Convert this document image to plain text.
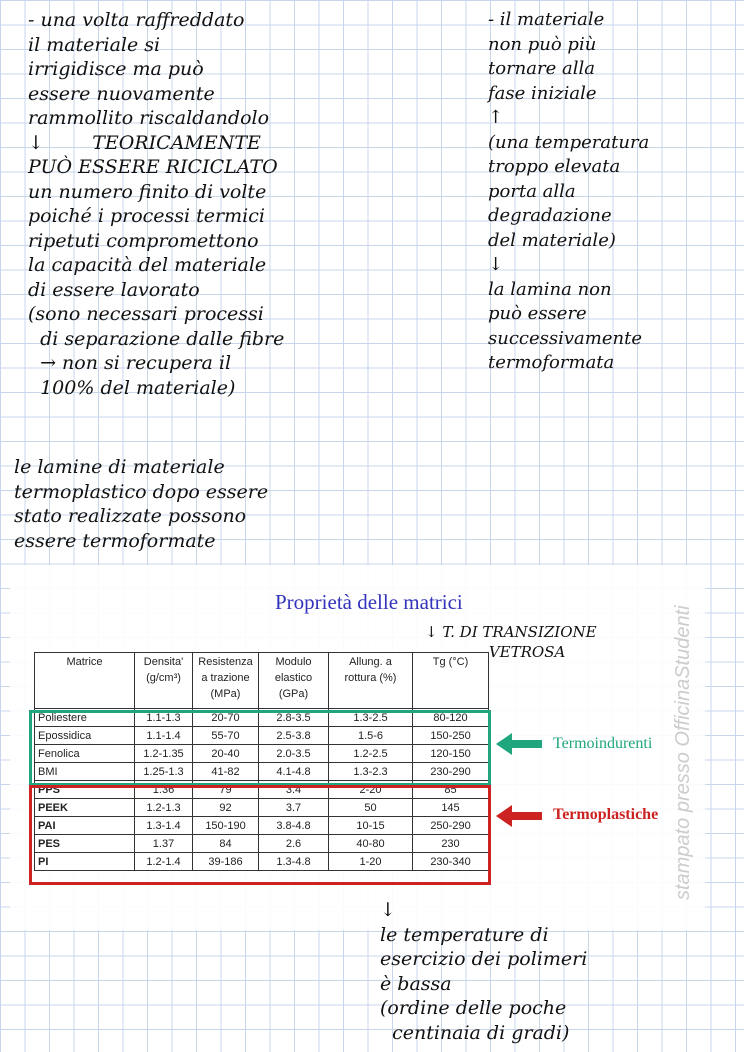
- una volta raffreddato
il materiale si
irrigidisce ma può
essere nuovamente
rammollito riscaldandolo
↓        TEORICAMENTE
PUÒ ESSERE RICICLATO
un numero finito di volte
poiché i processi termici
ripetuti compromettono
la capacità del materiale
di essere lavorato
(sono necessari processi
di separazione dalle fibre
→ non si recupera il
100% del materiale)
- il materiale
non può più
tornare alla
fase iniziale
↑
(una temperatura
troppo elevata
porta alla
degradazione
del materiale)
↓
la lamina non
può essere
successivamente
termoformata
le lamine di materiale
termoplastico dopo essere
stato realizzate possono
essere termoformate
stampato presso OfficinaStudenti
Proprietà delle matrici
Matrice	Densita' (g/cm³)	Resistenza a trazione (MPa)	Modulo elastico (GPa)	Allung. a rottura (%)	Tg (°C)
Poliestere	1.1-1.3	20-70	2.8-3.5	1.3-2.5	80-120
Epossidica	1.1-1.4	55-70	2.5-3.8	1.5-6	150-250
Fenolica	1.2-1.35	20-40	2.0-3.5	1.2-2.5	120-150
BMI	1.25-1.3	41-82	4.1-4.8	1.3-2.3	230-290
PPS	1.36	79	3.4	2-20	85
PEEK	1.2-1.3	92	3.7	50	145
PAI	1.3-1.4	150-190	3.8-4.8	10-15	250-290
PES	1.37	84	2.6	40-80	230
PI	1.2-1.4	39-186	1.3-4.8	1-20	230-340
↓ T. DI TRANSIZIONE
VETROSA
Termoindurenti
Termoplastiche
↓
le temperature di
esercizio dei polimeri
è bassa
(ordine delle poche
centinaia di gradi)
